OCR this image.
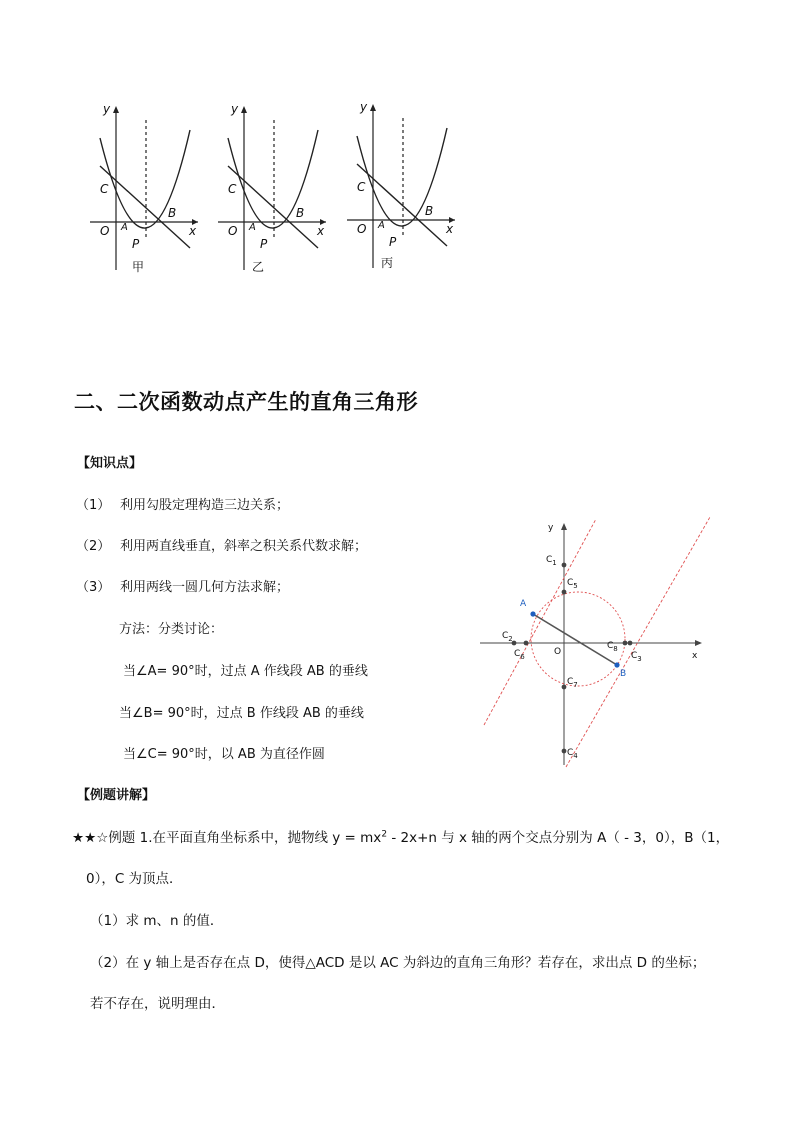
y
x
O A
B
C
P
甲
y
x
O A
B
C
P
乙
y
x
O A
B
C
P
丙
二、二次函数动点产生的直角三角形
【知识点】
（1） 利用勾股定理构造三边关系；
（2） 利用两直线垂直，斜率之积关系代数求解；
（3） 利用两线一圆几何方法求解；
方法：分类讨论：
当∠A= 90°时，过点 A 作线段 AB 的垂线
当∠B= 90°时，过点 B 作线段 AB 的垂线
当∠C= 90°时，以 AB 为直径作圆
y
x
O
A
B
$C_1$
$C_2$
$C_3$
$C_4$
$C_5$
$C_6$
$C_7$
$C_8$
【例题讲解】
★★☆例题 1.在平面直角坐标系中，抛物线 $y = mx^2 - 2x+n$ 与 x 轴的两个交点分别为 A（ - 3，0），B（1，
0），C 为顶点．
（1）求 m、n 的值．
（2）在 y 轴上是否存在点 D，使得△ACD 是以 AC 为斜边的直角三角形？若存在，求出点 D 的坐标；
若不存在，说明理由．
